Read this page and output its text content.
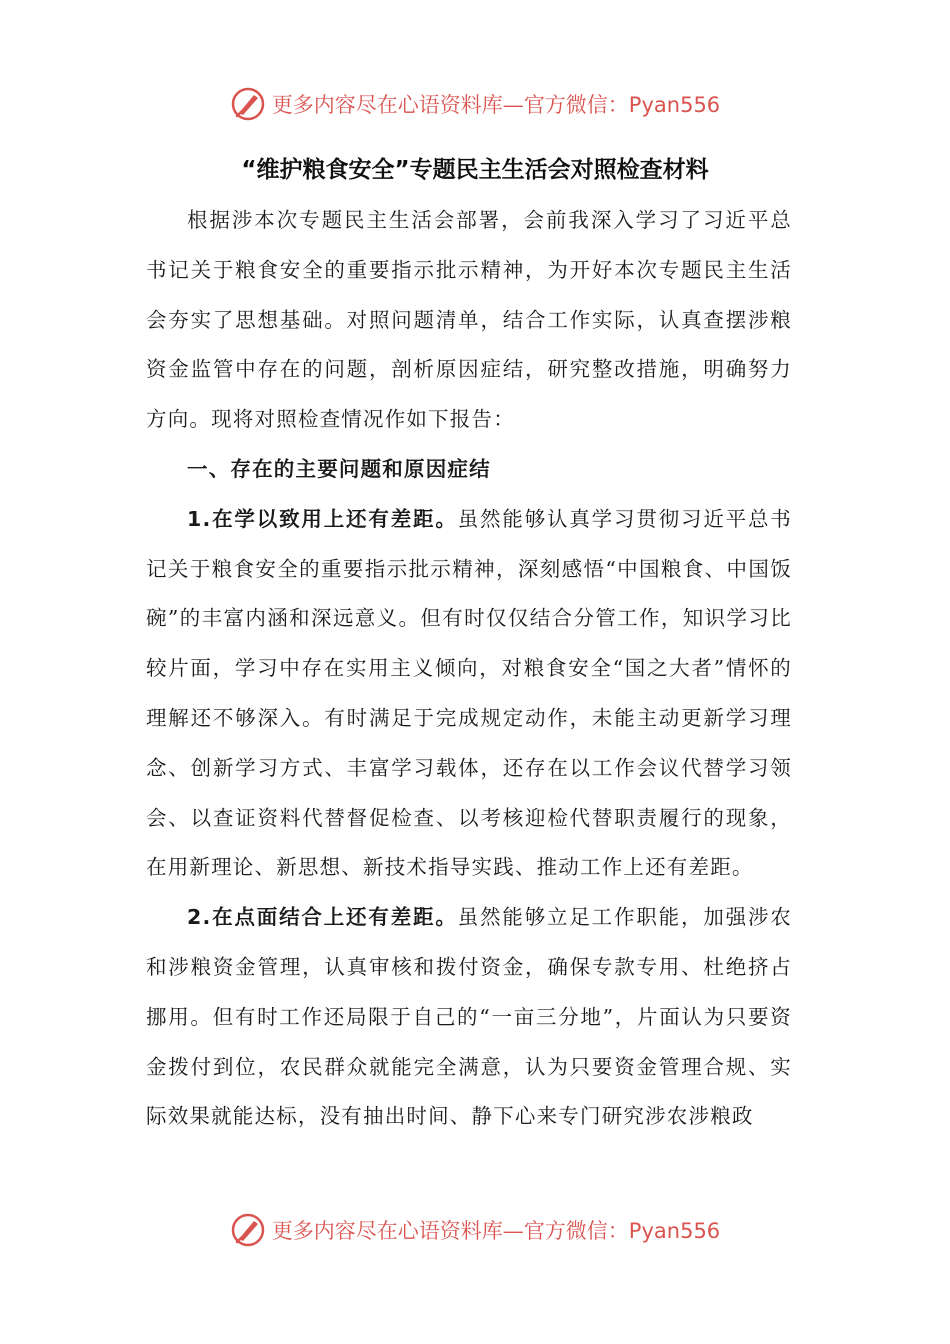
更多内容尽在心语资料库— 官方微信：Pyan556
“维护粮食安全”专题民主生活会对照检查材料

根据涉本次专题民主生活会部署，会前我深入学习了习近平总书记关于粮食安全的重要指示批示精神，为开好本次专题民主生活会夯实了思想基础。对照问题清单，结合工作实际，认真查摆涉粮资金监管中存在的问题，剖析原因症结，研究整改措施，明确努力方向。现将对照检查情况作如下报告：

一、存在的主要问题和原因症结

1.在学以致用上还有差距。虽然能够认真学习贯彻习近平总书记关于粮食安全的重要指示批示精神，深刻感悟“中国粮食、中国饭碗”的丰富内涵和深远意义。但有时仅仅结合分管工作，知识学习比较片面，学习中存在实用主义倾向，对粮食安全“国之大者”情怀的理解还不够深入。有时满足于完成规定动作，未能主动更新学习理念、创新学习方式、丰富学习载体，还存在以工作会议代替学习领会、以查证资料代替督促检查、以考核迎检代替职责履行的现象，在用新理论、新思想、新技术指导实践、推动工作上还有差距。

2.在点面结合上还有差距。虽然能够立足工作职能，加强涉农和涉粮资金管理，认真审核和拨付资金，确保专款专用、杜绝挤占挪用。但有时工作还局限于自己的“一亩三分地”，片面认为只要资金拨付到位，农民群众就能完全满意，认为只要资金管理合规、实际效果就能达标，没有抽出时间、静下心来专门研究涉农涉粮政

更多内容尽在心语资料库— 官方微信：Pyan556
